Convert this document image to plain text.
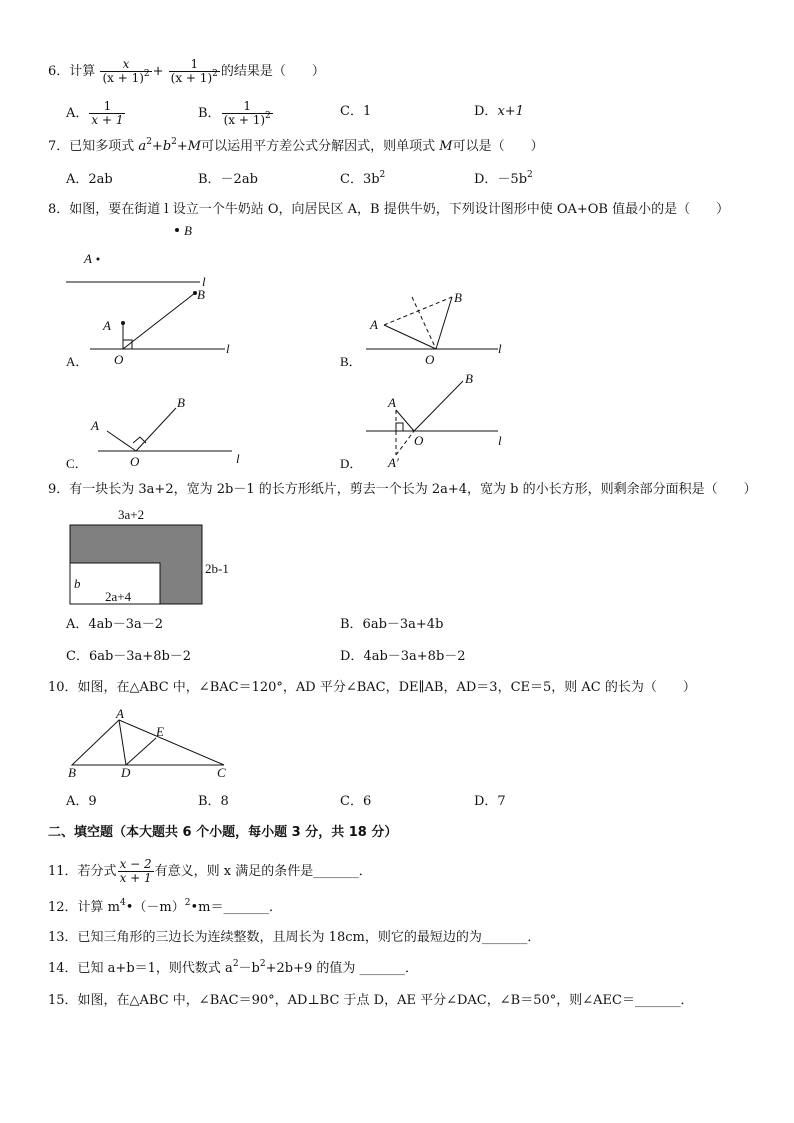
6．计算 $\frac{x}{(x + 1)^2} + \frac{1}{(x + 1)^2}$ 的结果是（　　）
A． $\frac{1}{x + 1}$	B． $\frac{1}{(x + 1)^2}$	C．1	D．x+1
7．已知多项式 $a^2+b^2+M$可以运用平方差公式分解因式，则单项式 M可以是（　　）
A．2ab	B．－2ab	C．$3b^2$	D．$-5b^2$
8．如图，要在街道 l 设立一个牛奶站 O，向居民区 A，B 提供牛奶，下列设计图形中使 OA+OB 值最小的是（　　）
B
A
l
A
B
O
l
A．
A
B
O
l
B．
A
B
O	l
C．
A
B
O
A′
l
D．
9．有一块长为 3a+2，宽为 2b－1 的长方形纸片，剪去一个长为 2a+4，宽为 b 的小长方形，则剩余部分面积是（　　）
3a+2
2b-1
b
2a+4
A．4ab－3a－2	B．6ab－3a+4b
C．6ab－3a+8b－2	D．4ab－3a+8b－2
10．如图，在△ABC 中，∠BAC＝120°，AD 平分∠BAC，DE∥AB，AD＝3，CE＝5，则 AC 的长为（　　）
A
B	C
D
E
A．9	B．8	C．6	D．7
二、填空题（本大题共 6 个小题，每小题 3 分，共 18 分）
11．若分式 $\frac{x - 2}{x + 1}$ 有意义，则 x 满足的条件是_______．
12．计算 $m^4•(-m)^2•m=\_\_\_\_\_\_\_$．
13．已知三角形的三边长为连续整数，且周长为 18cm，则它的最短边的为_______．
14．已知 a+b＝1，则代数式 $a^2-b^2+2b+9$ 的值为 _______．
15．如图，在△ABC 中，∠BAC＝90°，AD⊥BC 于点 D，AE 平分∠DAC，∠B＝50°，则∠AEC＝_______．
